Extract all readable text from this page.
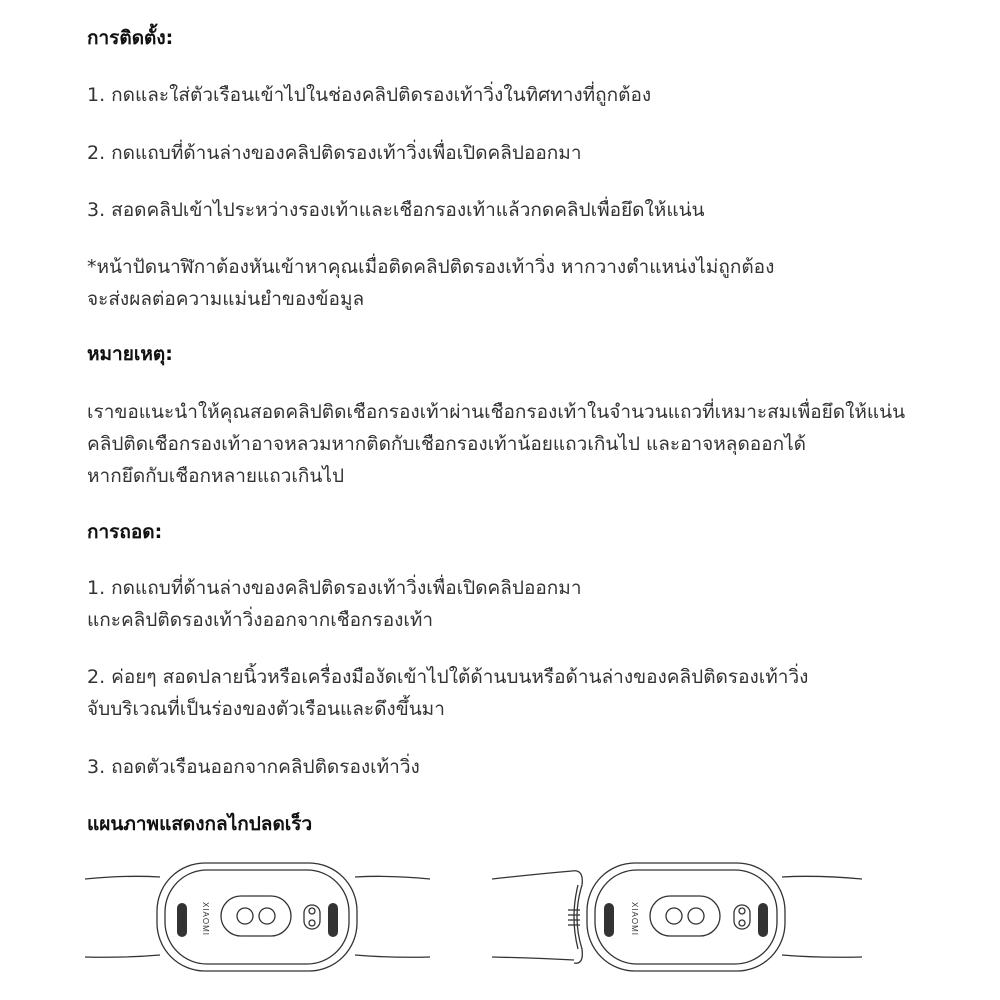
การติดตั้ง:
1. กดและใส่ตัวเรือนเข้าไปในช่องคลิปติดรองเท้าวิ่งในทิศทางที่ถูกต้อง
2. กดแถบที่ด้านล่างของคลิปติดรองเท้าวิ่งเพื่อเปิดคลิปออกมา
3. สอดคลิปเข้าไประหว่างรองเท้าและเชือกรองเท้าแล้วกดคลิปเพื่อยึดให้แน่น
*หน้าปัดนาฬิกาต้องหันเข้าหาคุณเมื่อติดคลิปติดรองเท้าวิ่ง หากวางตำแหน่งไม่ถูกต้อง
จะส่งผลต่อความแม่นยำของข้อมูล
หมายเหตุ:
เราขอแนะนำให้คุณสอดคลิปติดเชือกรองเท้าผ่านเชือกรองเท้าในจำนวนแถวที่เหมาะสมเพื่อยึดให้แน่น
คลิปติดเชือกรองเท้าอาจหลวมหากติดกับเชือกรองเท้าน้อยแถวเกินไป และอาจหลุดออกได้
หากยึดกับเชือกหลายแถวเกินไป
การถอด:
1. กดแถบที่ด้านล่างของคลิปติดรองเท้าวิ่งเพื่อเปิดคลิปออกมา
แกะคลิปติดรองเท้าวิ่งออกจากเชือกรองเท้า
2. ค่อยๆ สอดปลายนิ้วหรือเครื่องมืองัดเข้าไปใต้ด้านบนหรือด้านล่างของคลิปติดรองเท้าวิ่ง
จับบริเวณที่เป็นร่องของตัวเรือนและดึงขึ้นมา
3. ถอดตัวเรือนออกจากคลิปติดรองเท้าวิ่ง
แผนภาพแสดงกลไกปลดเร็ว
XIAOMI	XIAOMI
